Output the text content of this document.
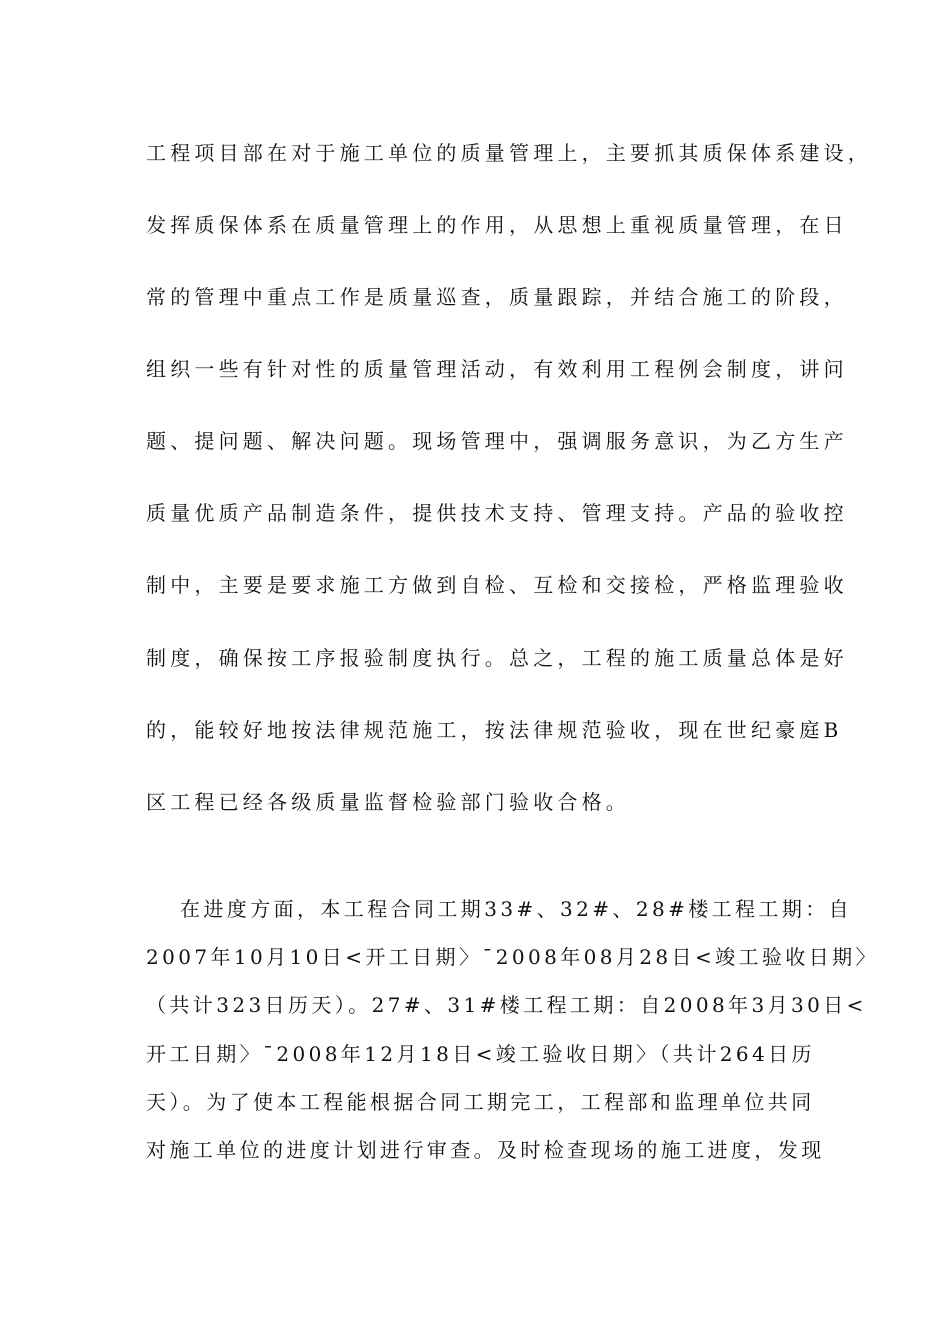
工程项目部在对于施工单位的质量管理上，主要抓其质保体系建设，
发挥质保体系在质量管理上的作用，从思想上重视质量管理，在日
常的管理中重点工作是质量巡查，质量跟踪，并结合施工的阶段，
组织一些有针对性的质量管理活动，有效利用工程例会制度，讲问
题、提问题、解决问题。现场管理中，强调服务意识，为乙方生产
质量优质产品制造条件，提供技术支持、管理支持。产品的验收控
制中，主要是要求施工方做到自检、互检和交接检，严格监理验收
制度，确保按工序报验制度执行。总之，工程的施工质量总体是好
的，能较好地按法律规范施工，按法律规范验收，现在世纪豪庭B
区工程已经各级质量监督检验部门验收合格。
在进度方面，本工程合同工期33#、32#、28#楼工程工期：自
2007年10月10日<开工日期〉¯2008年08月28日<竣工验收日期〉
（共计323日历天）。27#、31#楼工程工期：自2008年3月30日<
开工日期〉¯2008年12月18日<竣工验收日期〉（共计264日历
天）。为了使本工程能根据合同工期完工，工程部和监理单位共同
对施工单位的进度计划进行审查。及时检查现场的施工进度，发现
